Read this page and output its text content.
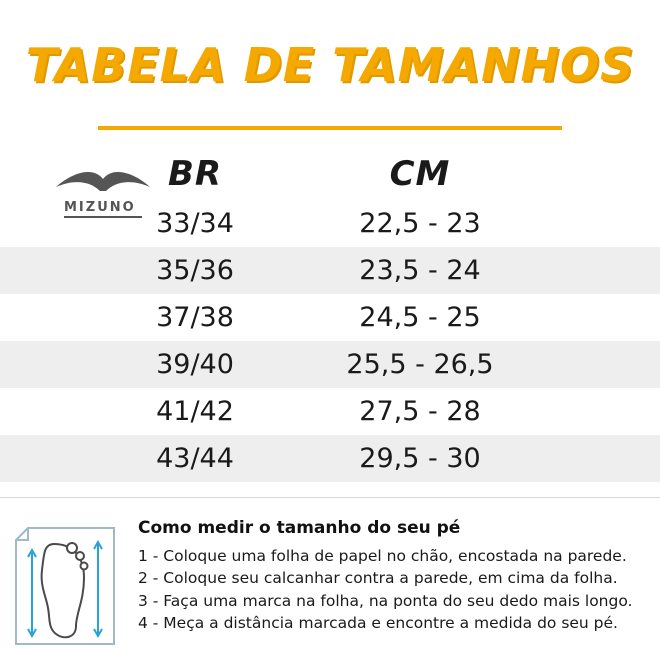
TABELA DE TAMANHOS
MIZUNO
BR	CM
33/34	22,5 - 23
35/36	23,5 - 24
37/38	24,5 - 25
39/40	25,5 - 26,5
41/42	27,5 - 28
43/44	29,5 - 30
Como medir o tamanho do seu pé
1 - Coloque uma folha de papel no chão, encostada na parede.
2 - Coloque seu calcanhar contra a parede, em cima da folha.
3 - Faça uma marca na folha, na ponta do seu dedo mais longo.
4 - Meça a distância marcada e encontre a medida do seu pé.
